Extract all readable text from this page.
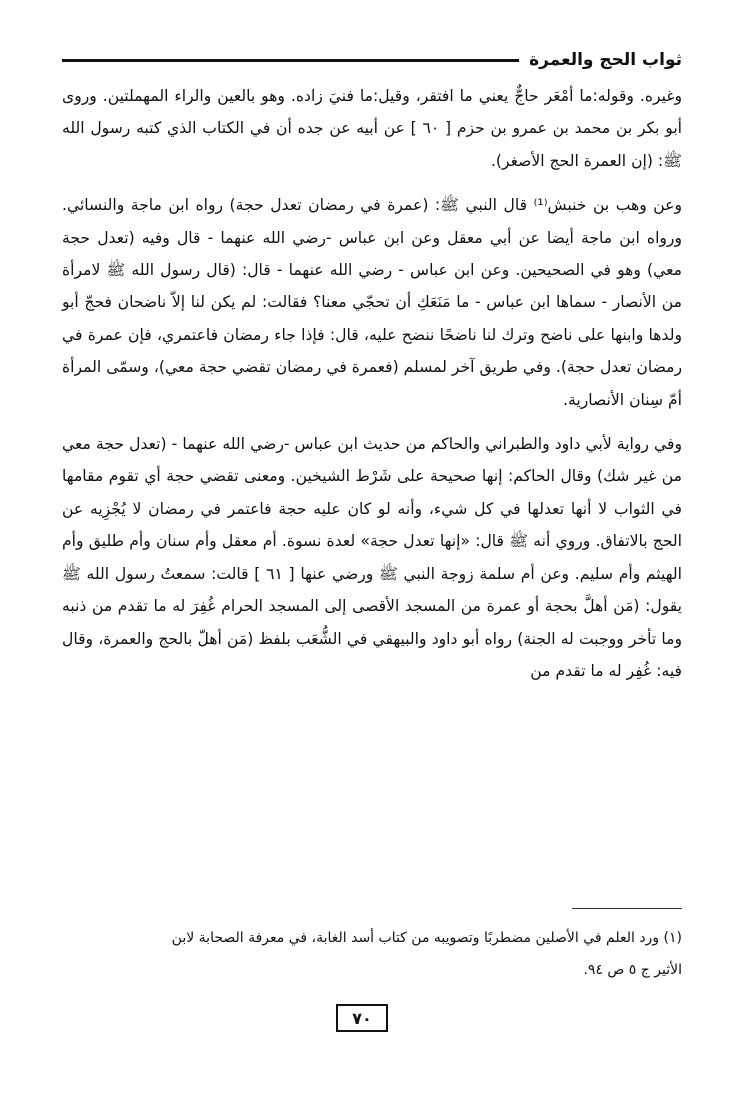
ثواب الحج والعمرة

وغيره. وقوله:ما أمْعَر حاجٌّ يعني ما افتقر، وقيل:ما فنيَ زاده. وهو بالعين والراء المهملتين. وروى أبو بكر بن محمد بن عمرو بن حزم [ ٦٠ ] عن أبيه عن جده أن في الكتاب الذي كتبه رسول الله ﷺ: (إن العمرة الحج الأصغر).

وعن وهب بن خنبش⁽¹⁾ قال النبي ﷺ: (عمرة في رمضان تعدل حجة) رواه ابن ماجة والنسائي. ورواه ابن ماجة أيضا عن أبي معقل وعن ابن عباس -رضي الله عنهما - قال وفيه (تعدل حجة معي) وهو في الصحيحين. وعن ابن عباس - رضي الله عنهما - قال: (قال رسول الله ﷺ لامرأة من الأنصار - سماها ابن عباس - ما مَنَعَكِ أن تحجّي معنا؟ فقالت: لم يكن لنا إلاّ ناضحان فحجّ أبو ولدها وابنها على ناضح وترك لنا ناضحًا ننضح عليه، قال: فإذا جاء رمضان فاعتمري، فإن عمرة في رمضان تعدل حجة). وفي طريق آخر لمسلم (فعمرة في رمضان تقضي حجة معي)، وسمّى المرأة أمّ سِنان الأنصارية.

وفي رواية لأبي داود والطبراني والحاكم من حديث ابن عباس -رضي الله عنهما - (تعدل حجة معي من غير شك) وقال الحاكم: إنها صحيحة على شَرْط الشيخين. ومعنى تقضي حجة أي تقوم مقامها في الثواب لا أنها تعدلها في كل شيء، وأنه لو كان عليه حجة فاعتمر في رمضان لا يُجْزِيه عن الحج بالاتفاق. وروي أنه ﷺ قال: «إنها تعدل حجة» لعدة نسوة. أم معقل وأم سنان وأم طليق وأم الهيثم وأم سليم. وعن أم سلمة زوجة النبي ﷺ ورضي عنها [ ٦١ ] قالت: سمعتُ رسول الله ﷺ يقول: (مَن أهلَّ بحجة أو عمرة من المسجد الأقصى إلى المسجد الحرام غُفِرَ له ما تقدم من ذنبه وما تأخر ووجبت له الجنة) رواه أبو داود والبيهقي في الشُّعَب بلفظ (مَن أهلّ بالحج والعمرة، وقال فيه: غُفِر له ما تقدم من

(١) ورد العلم في الأصلين مضطربًا وتصويبه من كتاب أسد الغابة، في معرفة الصحابة لابن

الأثير ج ٥ ص ٩٤.

٧٠
